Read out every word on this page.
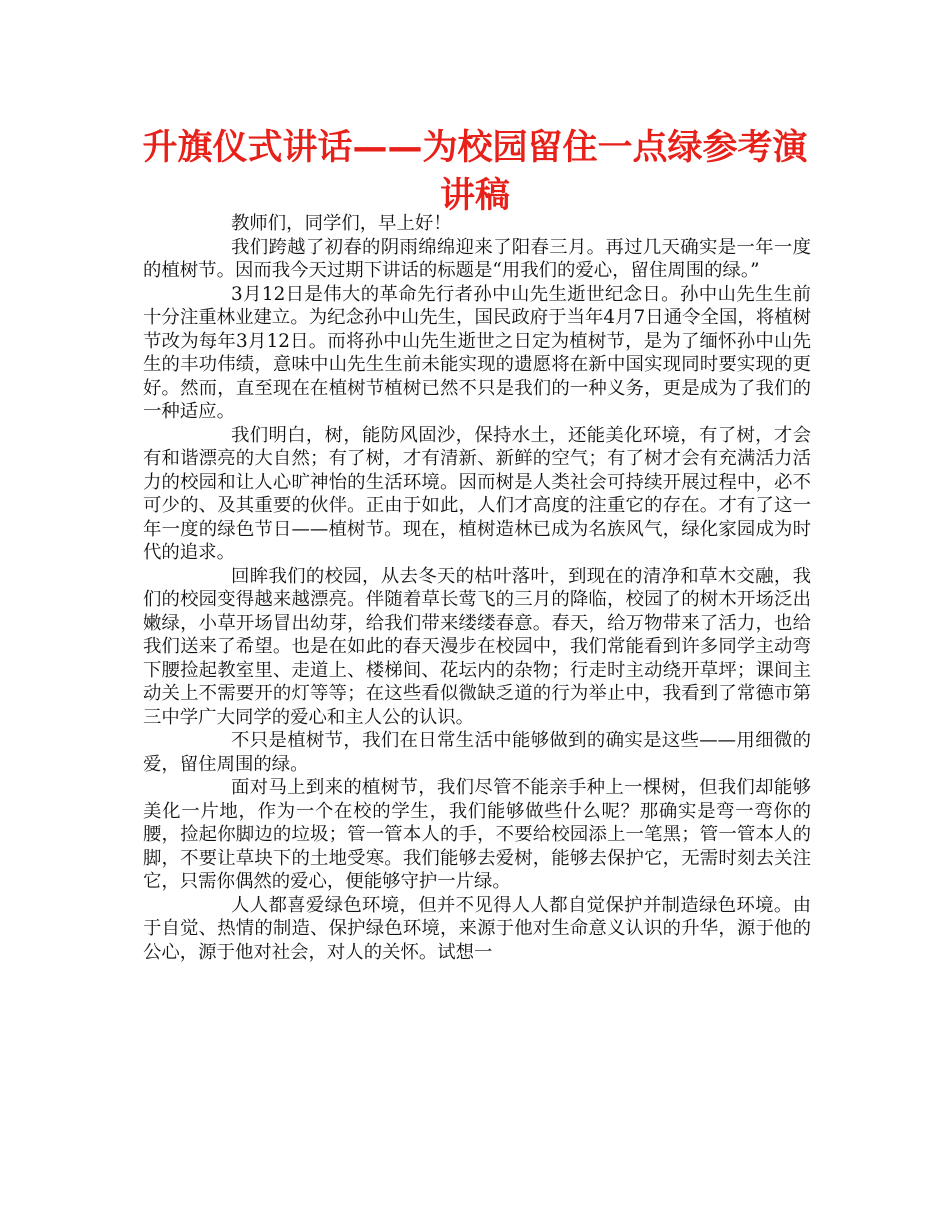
升旗仪式讲话——为校园留住一点绿参考演讲稿

教师们，同学们，早上好！

我们跨越了初春的阴雨绵绵迎来了阳春三月。再过几天确实是一年一度的植树节。因而我今天过期下讲话的标题是“用我们的爱心，留住周围的绿。”

3月12日是伟大的革命先行者孙中山先生逝世纪念日。孙中山先生生前十分注重林业建立。为纪念孙中山先生，国民政府于当年4月7日通令全国，将植树节改为每年3月12日。而将孙中山先生逝世之日定为植树节，是为了缅怀孙中山先生的丰功伟绩，意味中山先生生前未能实现的遗愿将在新中国实现同时要实现的更好。然而，直至现在在植树节植树已然不只是我们的一种义务，更是成为了我们的一种适应。

我们明白，树，能防风固沙，保持水土，还能美化环境，有了树，才会有和谐漂亮的大自然；有了树，才有清新、新鲜的空气；有了树才会有充满活力活力的校园和让人心旷神怡的生活环境。因而树是人类社会可持续开展过程中，必不可少的、及其重要的伙伴。正由于如此，人们才高度的注重它的存在。才有了这一年一度的绿色节日——植树节。现在，植树造林已成为名族风气，绿化家园成为时代的追求。

回眸我们的校园，从去冬天的枯叶落叶，到现在的清净和草木交融，我们的校园变得越来越漂亮。伴随着草长莺飞的三月的降临，校园了的树木开场泛出嫩绿，小草开场冒出幼芽，给我们带来缕缕春意。春天，给万物带来了活力，也给我们送来了希望。也是在如此的春天漫步在校园中，我们常能看到许多同学主动弯下腰捡起教室里、走道上、楼梯间、花坛内的杂物；行走时主动绕开草坪；课间主动关上不需要开的灯等等；在这些看似微缺乏道的行为举止中，我看到了常德市第三中学广大同学的爱心和主人公的认识。

不只是植树节，我们在日常生活中能够做到的确实是这些——用细微的爱，留住周围的绿。

面对马上到来的植树节，我们尽管不能亲手种上一棵树，但我们却能够美化一片地，作为一个在校的学生，我们能够做些什么呢？那确实是弯一弯你的腰，捡起你脚边的垃圾；管一管本人的手，不要给校园添上一笔黑；管一管本人的脚，不要让草块下的土地受寒。我们能够去爱树，能够去保护它，无需时刻去关注它，只需你偶然的爱心，便能够守护一片绿。

人人都喜爱绿色环境，但并不见得人人都自觉保护并制造绿色环境。由于自觉、热情的制造、保护绿色环境，来源于他对生命意义认识的升华，源于他的公心，源于他对社会，对人的关怀。试想一
